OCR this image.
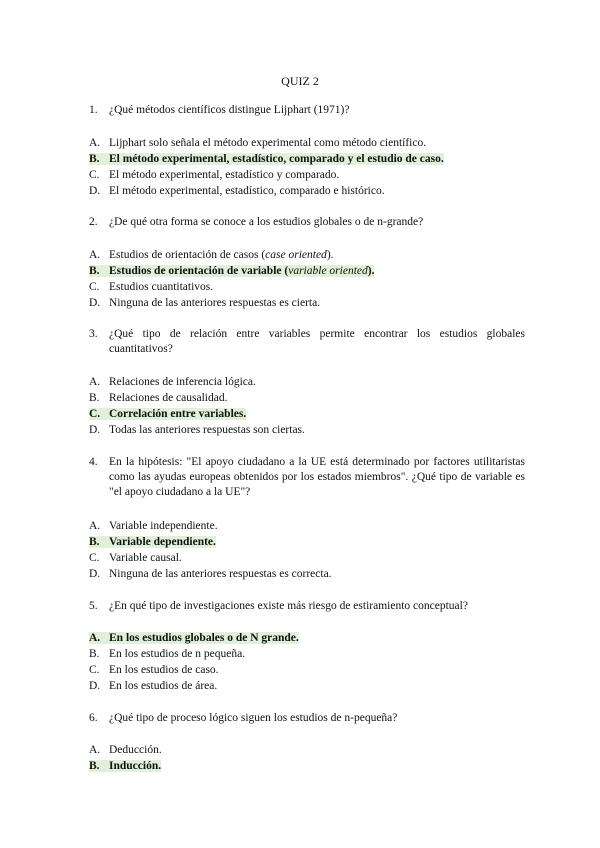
QUIZ 2
1. ¿Qué métodos científicos distingue Lijphart (1971)?
A. Lijphart solo señala el método experimental como método científico.
B. El método experimental, estadístico, comparado y el estudio de caso.
C. El método experimental, estadístico y comparado.
D. El método experimental, estadístico, comparado e histórico.
2. ¿De qué otra forma se conoce a los estudios globales o de n-grande?
A. Estudios de orientación de casos (case oriented).
B. Estudios de orientación de variable (variable oriented).
C. Estudios cuantitativos.
D. Ninguna de las anteriores respuestas es cierta.
3. ¿Qué tipo de relación entre variables permite encontrar los estudios globales cuantitativos?
A. Relaciones de inferencia lógica.
B. Relaciones de causalidad.
C. Correlación entre variables.
D. Todas las anteriores respuestas son ciertas.
4. En la hipótesis: "El apoyo ciudadano a la UE está determinado por factores utilitaristas como las ayudas europeas obtenidos por los estados miembros". ¿Qué tipo de variable es "el apoyo ciudadano a la UE"?
A. Variable independiente.
B. Variable dependiente.
C. Variable causal.
D. Ninguna de las anteriores respuestas es correcta.
5. ¿En qué tipo de investigaciones existe más riesgo de estiramiento conceptual?
A. En los estudios globales o de N grande.
B. En los estudios de n pequeña.
C. En los estudios de caso.
D. En los estudios de área.
6. ¿Qué tipo de proceso lógico siguen los estudios de n-pequeña?
A. Deducción.
B. Inducción.
